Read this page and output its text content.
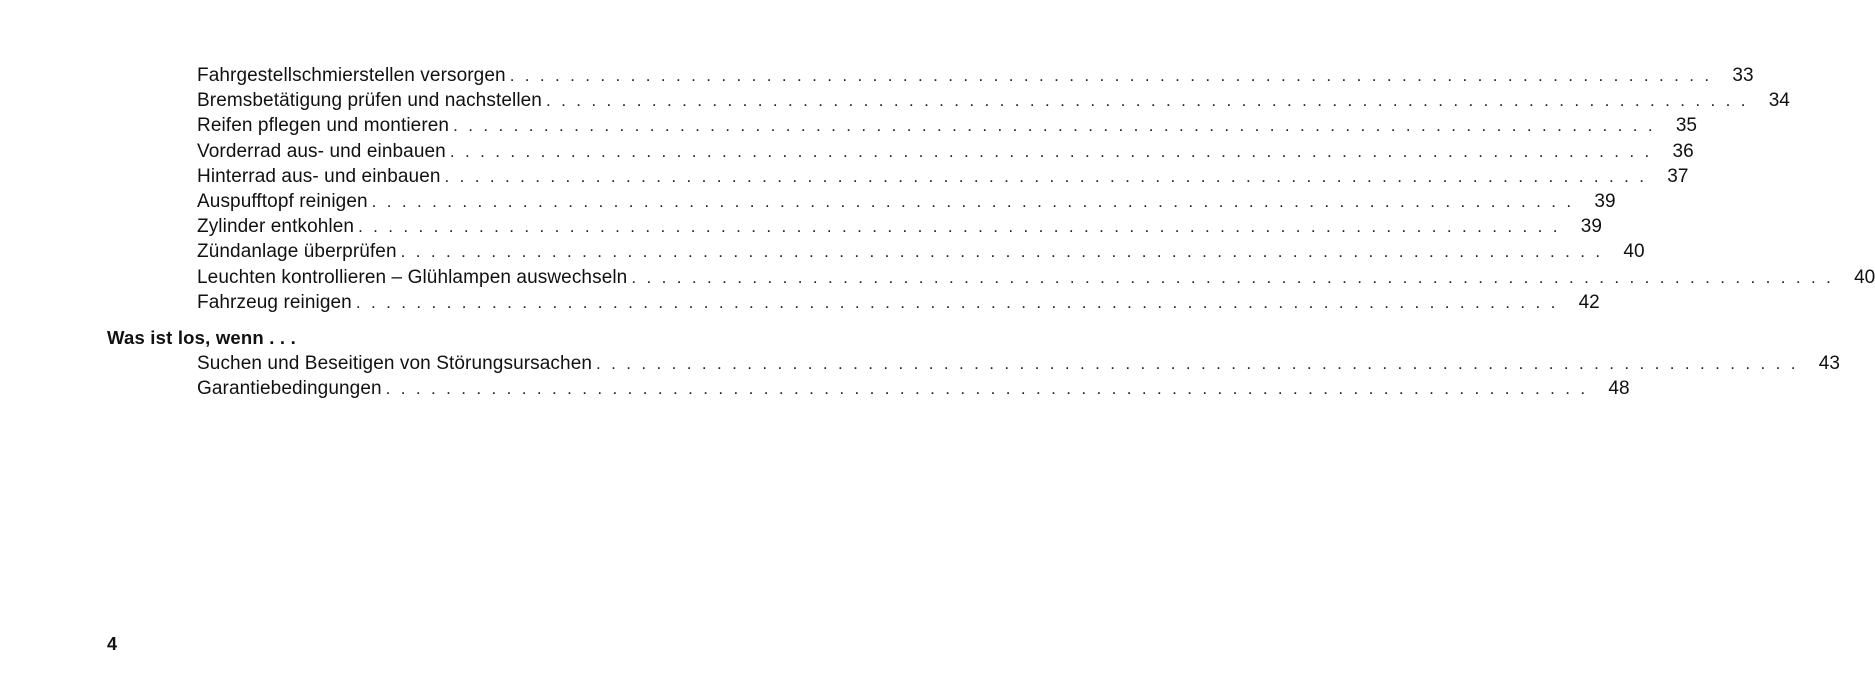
Fahrgestellschmierstellen versorgen ................................................................................ 33
Bremsbetätigung prüfen und nachstellen ................................................................................ 34
Reifen pflegen und montieren ................................................................................ 35
Vorderrad aus- und einbauen ................................................................................ 36
Hinterrad aus- und einbauen ................................................................................ 37
Auspufftopf reinigen ................................................................................ 39
Zylinder entkohlen ................................................................................ 39
Zündanlage überprüfen ................................................................................ 40
Leuchten kontrollieren – Glühlampen auswechseln ................................................................................ 40
Fahrzeug reinigen ................................................................................ 42
Was ist los, wenn . . .
Suchen und Beseitigen von Störungsursachen ................................................................................ 43
Garantiebedingungen ................................................................................ 48
4
